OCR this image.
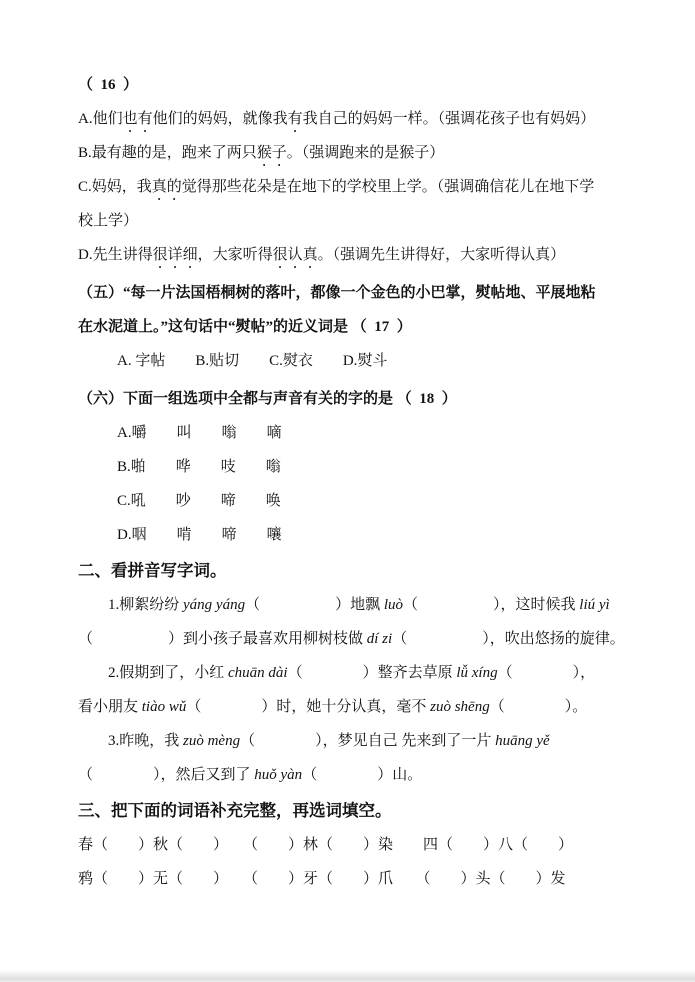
（  16  ）

A.他们也有他们的妈妈，就像我有我自己的妈妈一样。（强调花孩子也有妈妈）

B.最有趣的是，跑来了两只猴子。（强调跑来的是猴子）

C.妈妈，我真的觉得那些花朵是在地下的学校里上学。（强调确信花儿在地下学

校上学）

D.先生讲得很详细，大家听得很认真。（强调先生讲得好，大家听得认真）

（五）“每一片法国梧桐树的落叶，都像一个金色的小巴掌，熨帖地、平展地粘

在水泥道上。”这句话中“熨帖”的近义词是 （  17  ）

A. 字帖　　B.贴切　　C.熨衣　　D.熨斗

（六）下面一组选项中全都与声音有关的字的是 （  18  ）

A.嚼　　叫　　嗡　　嘀

B.啪　　哗　　吱　　嗡

C.吼　　吵　　啼　　唤

D.咽　　啃　　啼　　嚷

二、看拼音写字词。

1.柳絮纷纷 yáng yáng（　　　　　）地飘 luò（　　　　　），这时候我 liú yì

（　　　　　）到小孩子最喜欢用柳树枝做 dí zi（　　　　　），吹出悠扬的旋律。

2.假期到了，小红 chuān dài（　　　　）整齐去草原 lǚ xíng（　　　　），

看小朋友 tiào wǔ（　　　　）时，她十分认真，毫不 zuò shēng（　　　　）。

3.昨晚，我 zuò mèng（　　　　），梦见自己 先来到了一片 huāng yě

（　　　　），然后又到了 huǒ yàn（　　　　）山。

三、把下面的词语补充完整，再选词填空。

春（　　）秋（　　）　　（　　）林（　　）染　　四（　　）八（　　）

鸦（　　）无（　　）　　（　　）牙（　　）爪　　（　　）头（　　）发
